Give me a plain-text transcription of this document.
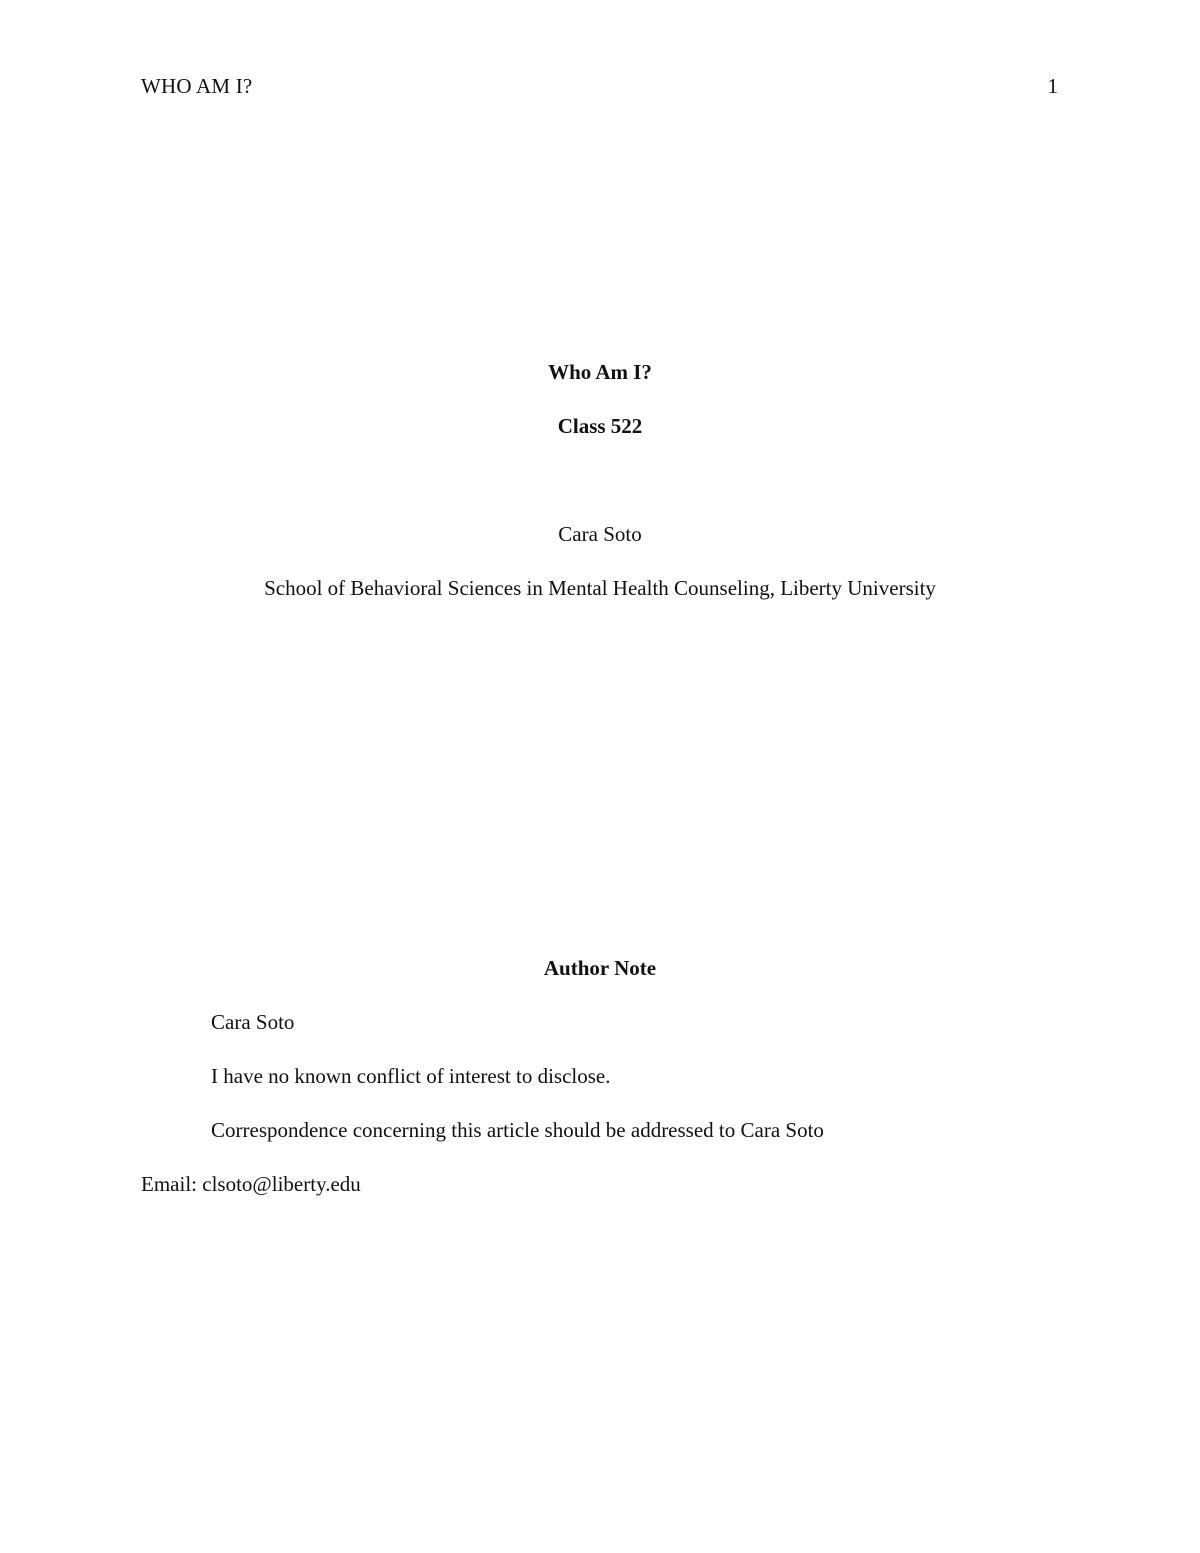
WHO AM I?	1
Who Am I?
Class 522
Cara Soto
School of Behavioral Sciences in Mental Health Counseling, Liberty University
Author Note
Cara Soto
I have no known conflict of interest to disclose.
Correspondence concerning this article should be addressed to Cara Soto
Email: clsoto@liberty.edu
